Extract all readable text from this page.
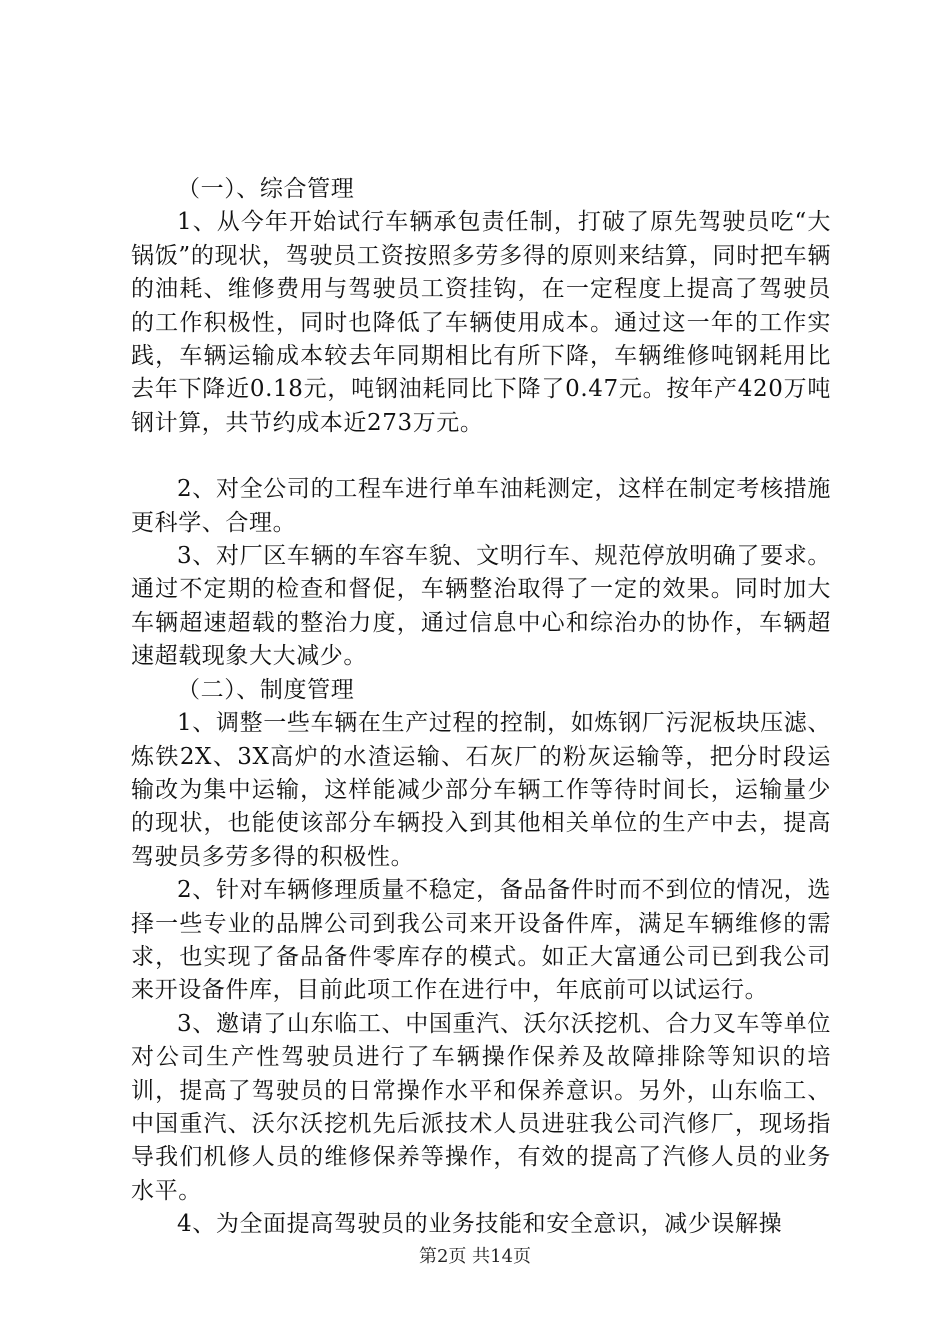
（一）、综合管理

1、从今年开始试行车辆承包责任制，打破了原先驾驶员吃“大锅饭”的现状，驾驶员工资按照多劳多得的原则来结算，同时把车辆的油耗、维修费用与驾驶员工资挂钩，在一定程度上提高了驾驶员的工作积极性，同时也降低了车辆使用成本。通过这一年的工作实践，车辆运输成本较去年同期相比有所下降，车辆维修吨钢耗用比去年下降近0.18元，吨钢油耗同比下降了0.47元。按年产420万吨钢计算，共节约成本近273万元。

2、对全公司的工程车进行单车油耗测定，这样在制定考核措施更科学、合理。

3、对厂区车辆的车容车貌、文明行车、规范停放明确了要求。通过不定期的检查和督促，车辆整治取得了一定的效果。同时加大车辆超速超载的整治力度，通过信息中心和综治办的协作，车辆超速超载现象大大减少。

（二）、制度管理

1、调整一些车辆在生产过程的控制，如炼钢厂污泥板块压滤、炼铁2X、3X高炉的水渣运输、石灰厂的粉灰运输等，把分时段运输改为集中运输，这样能减少部分车辆工作等待时间长，运输量少的现状，也能使该部分车辆投入到其他相关单位的生产中去，提高驾驶员多劳多得的积极性。

2、针对车辆修理质量不稳定，备品备件时而不到位的情况，选择一些专业的品牌公司到我公司来开设备件库，满足车辆维修的需求，也实现了备品备件零库存的模式。如正大富通公司已到我公司来开设备件库，目前此项工作在进行中，年底前可以试运行。

3、邀请了山东临工、中国重汽、沃尔沃挖机、合力叉车等单位对公司生产性驾驶员进行了车辆操作保养及故障排除等知识的培训，提高了驾驶员的日常操作水平和保养意识。另外，山东临工、中国重汽、沃尔沃挖机先后派技术人员进驻我公司汽修厂，现场指导我们机修人员的维修保养等操作，有效的提高了汽修人员的业务水平。

4、为全面提高驾驶员的业务技能和安全意识，减少误解操

第2页 共14页
